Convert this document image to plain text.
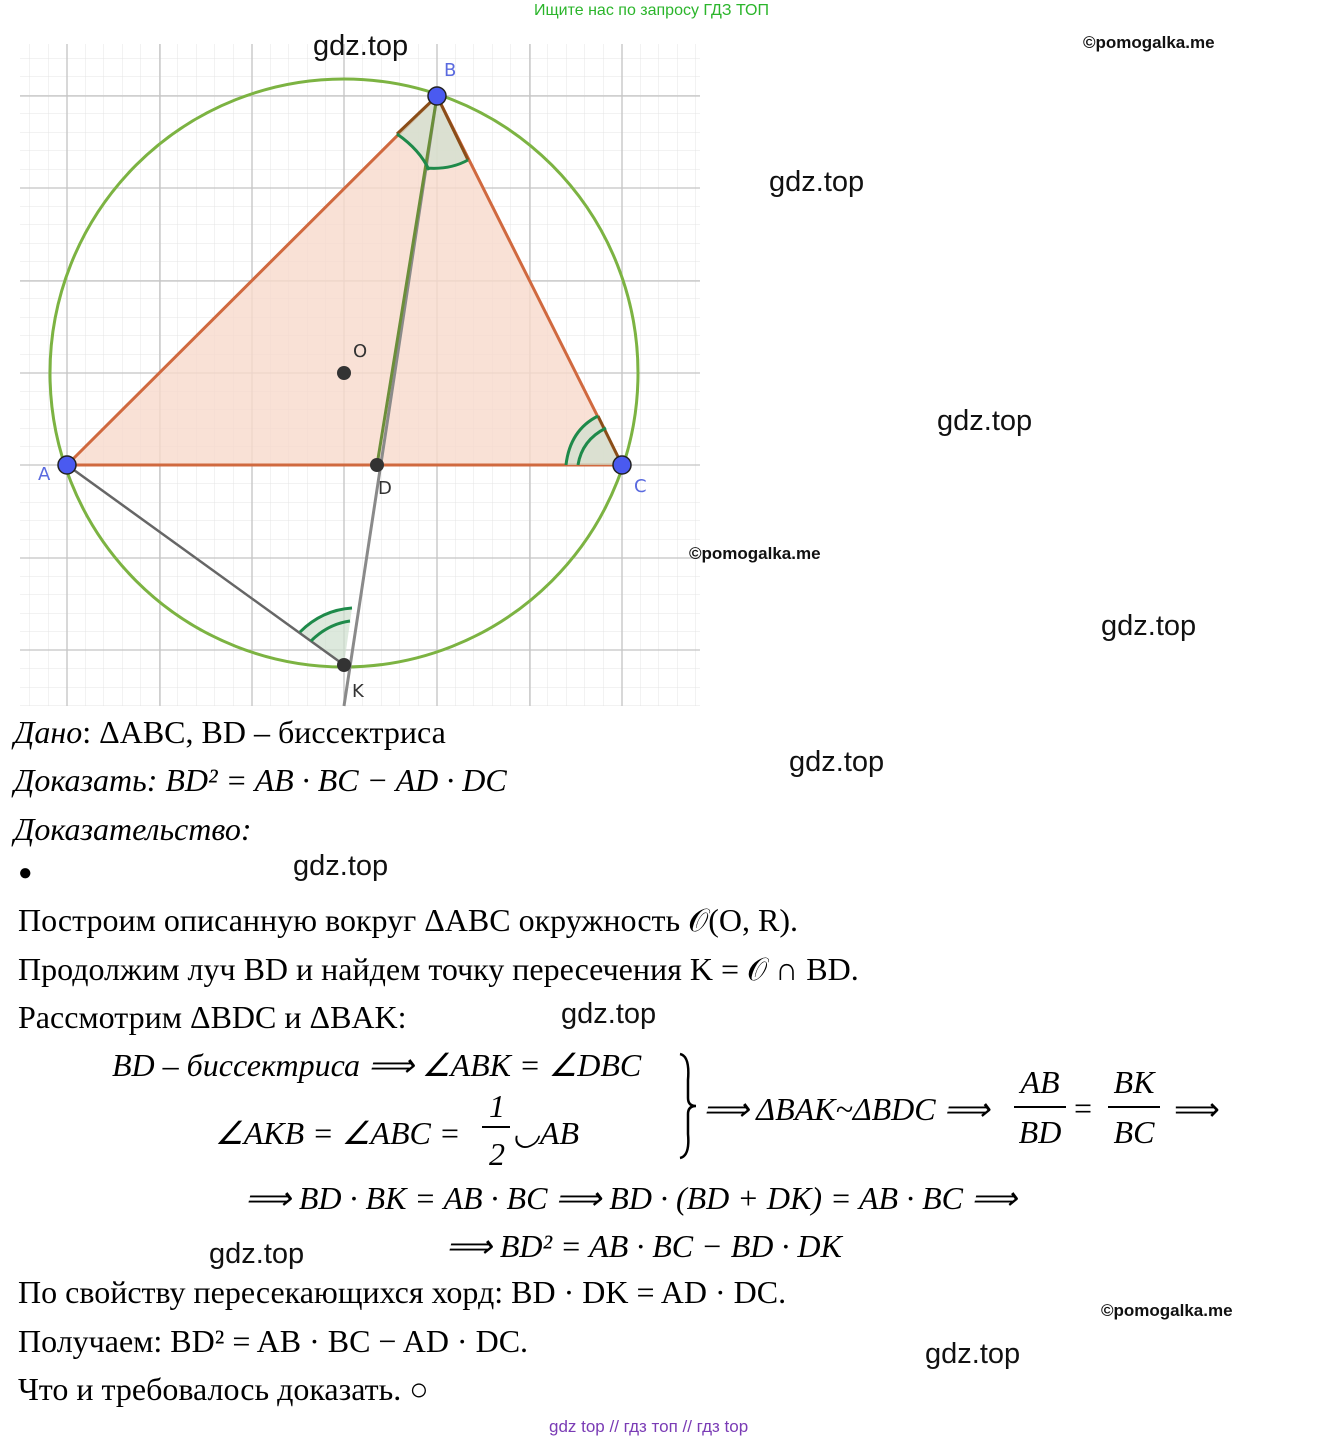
Ищите нас по запросу ГДЗ ТОП
A
B
C
D
O
K
gdz.top	©pomogalka.me
gdz.top
gdz.top
©pomogalka.me
gdz.top
gdz.top
gdz.top
gdz.top
gdz.top
©pomogalka.me
gdz.top
Дано: ΔABC, BD – биссектриса
Доказать: BD² = AB · BC − AD · DC
Доказательство:
●
Построим описанную вокруг ΔABC окружность 𝒪(O, R).
Продолжим луч BD и найдем точку пересечения K = 𝒪 ∩ BD.
Рассмотрим ΔBDC и ΔBAK:
BD – биссектриса ⟹ ∠ABK = ∠DBC
∠AKB = ∠ABC =
1
2
◡AB
⟹ ΔBAK~ΔBDC ⟹
AB
BD
=
BK
BC
⟹
⟹ BD · BK = AB · BC ⟹ BD · (BD + DK) = AB · BC ⟹
⟹ BD² = AB · BC − BD · DK
По свойству пересекающихся хорд: BD · DK = AD · DC.
Получаем: BD² = AB · BC − AD · DC.
Что и требовалось доказать. ○
gdz top // гдз топ // гдз top
